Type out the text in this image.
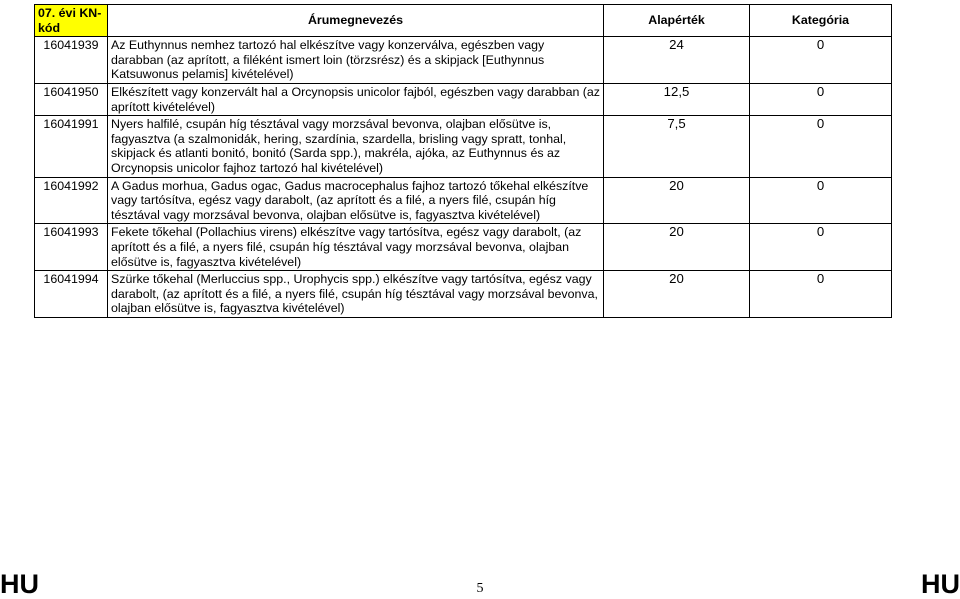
07. évi KN-kód	Árumegnevezés	Alapérték	Kategória
16041939	Az Euthynnus nemhez tartozó hal elkészítve vagy konzerválva, egészben vagy darabban (az aprított, a filéként ismert loin (törzsrész) és a skipjack [Euthynnus Katsuwonus pelamis] kivételével)	24	0
16041950	Elkészített vagy konzervált hal a Orcynopsis unicolor fajból, egészben vagy darabban (az aprított kivételével)	12,5	0
16041991	Nyers halfilé, csupán híg tésztával vagy morzsával bevonva, olajban elősütve is, fagyasztva (a szalmonidák, hering, szardínia, szardella, brisling vagy spratt, tonhal, skipjack és atlanti bonitó, bonitó (Sarda spp.), makréla, ajóka, az Euthynnus és az Orcynopsis unicolor fajhoz tartozó hal kivételével)	7,5	0
16041992	A Gadus morhua, Gadus ogac, Gadus macrocephalus fajhoz tartozó tőkehal elkészítve vagy tartósítva, egész vagy darabolt, (az aprított és a filé, a nyers filé, csupán híg tésztával vagy morzsával bevonva, olajban elősütve is, fagyasztva kivételével)	20	0
16041993	Fekete tőkehal (Pollachius virens) elkészítve vagy tartósítva, egész vagy darabolt, (az aprított és a filé, a nyers filé, csupán híg tésztával vagy morzsával bevonva, olajban elősütve is, fagyasztva kivételével)	20	0
16041994	Szürke tőkehal (Merluccius spp., Urophycis spp.) elkészítve vagy tartósítva, egész vagy darabolt, (az aprított és a filé, a nyers filé, csupán híg tésztával vagy morzsával bevonva, olajban elősütve is, fagyasztva kivételével)	20	0
HU	5	HU
